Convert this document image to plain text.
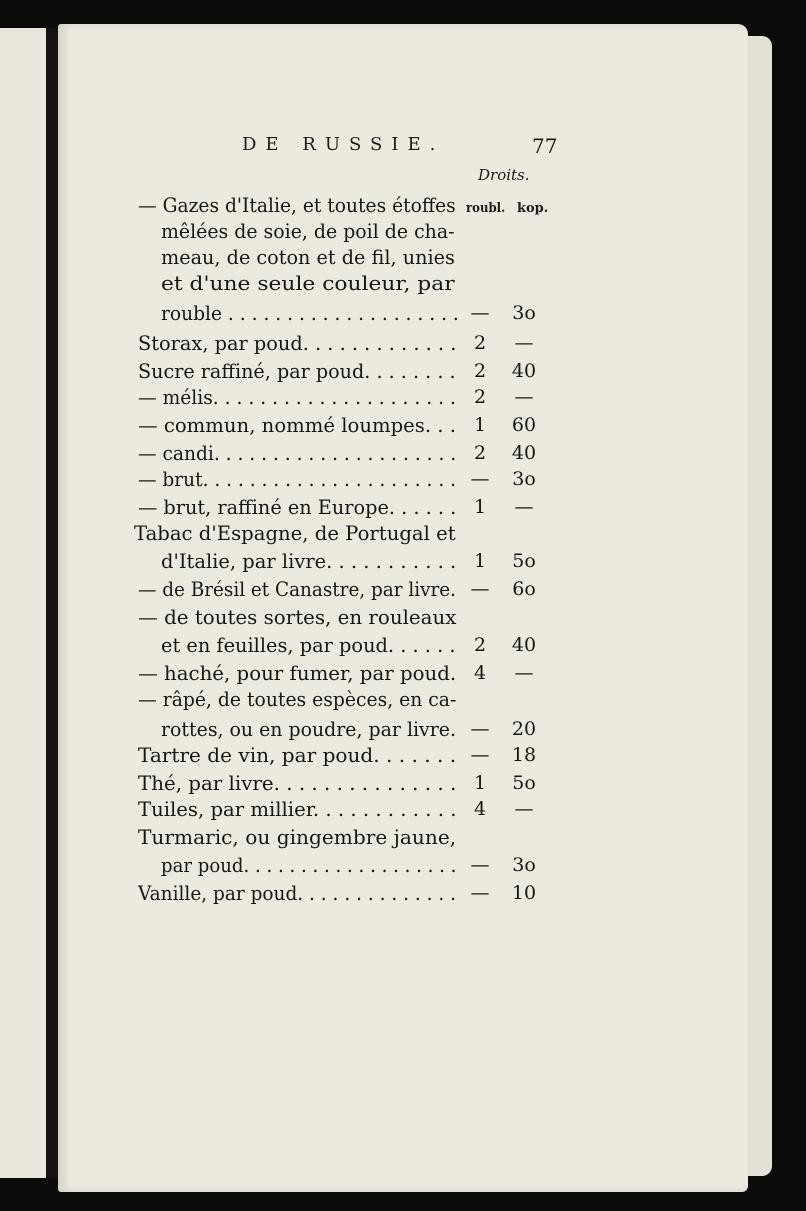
DE RUSSIE.	77
Droits.
roubl. kop.
— Gazes d'Italie, et toutes étoffes
mêlées de soie, de poil de cha-
meau, de coton et de fil, unies
et d'une seule couleur, par
rouble . . . . . . . . . . . . . . . . . . . . —	3o
Storax, par poud. . . . . . . . . . . . . 2	—
Sucre raffiné, par poud. . . . . . . . 2	40
— mélis. . . . . . . . . . . . . . . . . . . . . 2	—
— commun, nommé loumpes. . . 1	60
— candi. . . . . . . . . . . . . . . . . . . . . 2	40
— brut. . . . . . . . . . . . . . . . . . . . . . —	3o
— brut, raffiné en Europe. . . . . . 1	—
Tabac d'Espagne, de Portugal et
d'Italie, par livre. . . . . . . . . . . 1	5o
— de Brésil et Canastre, par livre. —	6o
— de toutes sortes, en rouleaux
et en feuilles, par poud. . . . . . 2	40
— haché, pour fumer, par poud. 4	—
— râpé, de toutes espèces, en ca-
rottes, ou en poudre, par livre. —	20
Tartre de vin, par poud. . . . . . . —	18
Thé, par livre. . . . . . . . . . . . . . . 1	5o
Tuiles, par millier. . . . . . . . . . . . 4	—
Turmaric, ou gingembre jaune,
par poud. . . . . . . . . . . . . . . . . . . —	3o
Vanille, par poud. . . . . . . . . . . . . . —	10
